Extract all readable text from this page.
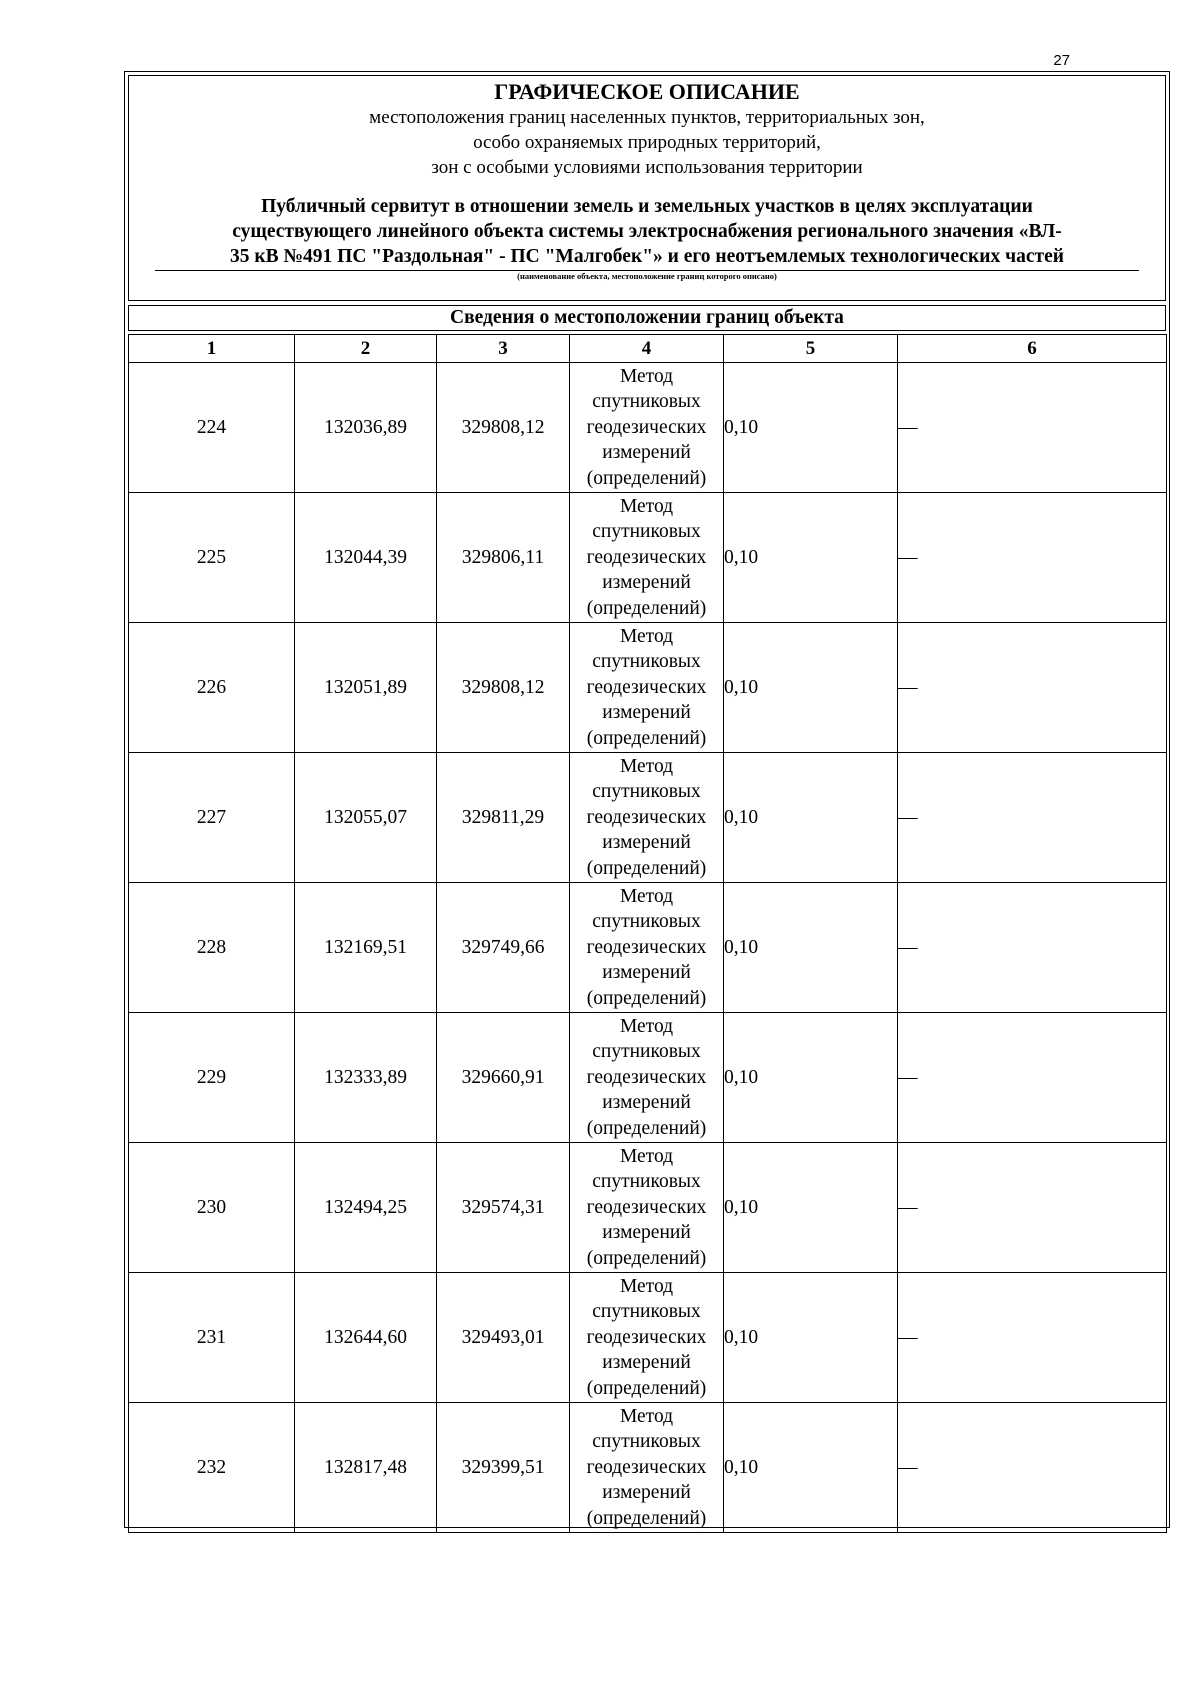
27
ГРАФИЧЕСКОЕ ОПИСАНИЕ
местоположения границ населенных пунктов, территориальных зон,
особо охраняемых природных территорий,
зон с особыми условиями использования территории
Публичный сервитут в отношении земель и земельных участков в целях эксплуатации
существующего линейного объекта системы электроснабжения регионального значения «ВЛ-
35 кВ №491 ПС "Раздольная" - ПС "Малгобек"» и его неотъемлемых технологических частей
(наименование объекта, местоположение границ которого описано)
Сведения о местоположении границ объекта
1	2	3	4	5	6
224	132036,89	329808,12	Метод
спутниковых
геодезических
измерений
(определений)	0,10	—
225	132044,39	329806,11	Метод
спутниковых
геодезических
измерений
(определений)	0,10	—
226	132051,89	329808,12	Метод
спутниковых
геодезических
измерений
(определений)	0,10	—
227	132055,07	329811,29	Метод
спутниковых
геодезических
измерений
(определений)	0,10	—
228	132169,51	329749,66	Метод
спутниковых
геодезических
измерений
(определений)	0,10	—
229	132333,89	329660,91	Метод
спутниковых
геодезических
измерений
(определений)	0,10	—
230	132494,25	329574,31	Метод
спутниковых
геодезических
измерений
(определений)	0,10	—
231	132644,60	329493,01	Метод
спутниковых
геодезических
измерений
(определений)	0,10	—
232	132817,48	329399,51	Метод
спутниковых
геодезических
измерений
(определений)	0,10	—
